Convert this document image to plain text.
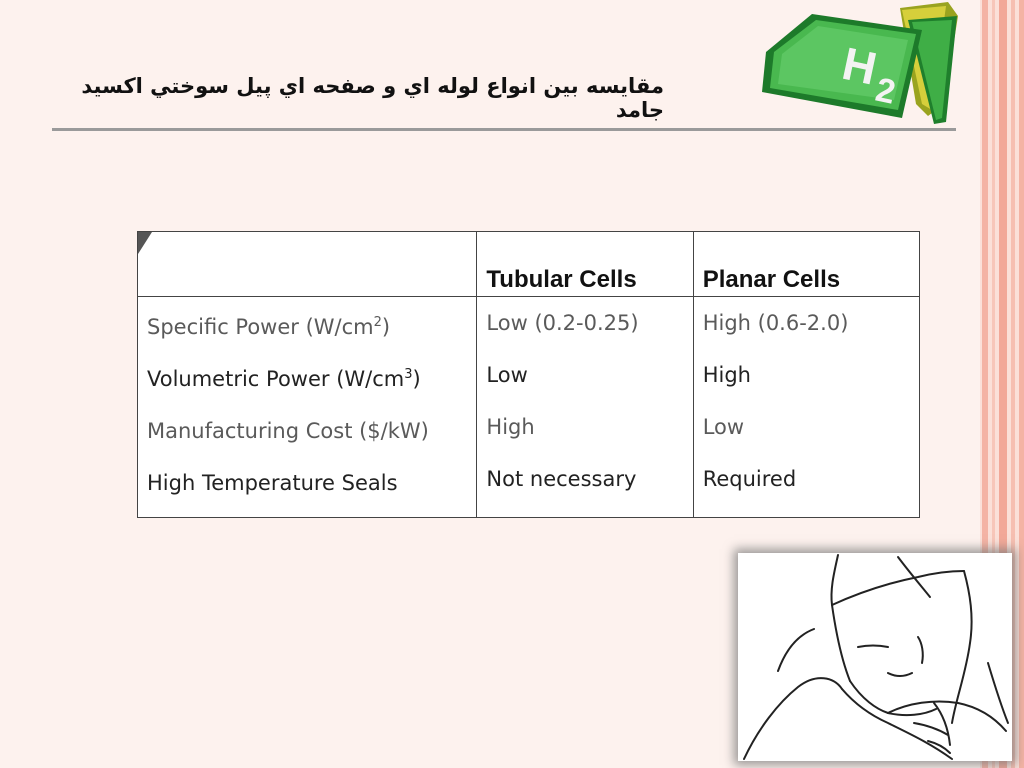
H
2
مقايسه بين انواع لوله اي و صفحه اي پيل سوختي اكسيد جامد
	Tubular Cells	Planar Cells
Specific Power $(W/cm^2)$	Low (0.2-0.25)	High (0.6-2.0)
Volumetric Power $(W/cm^3)$	Low	High
Manufacturing Cost ($/kW)	High	Low
High Temperature Seals	Not necessary	Required
